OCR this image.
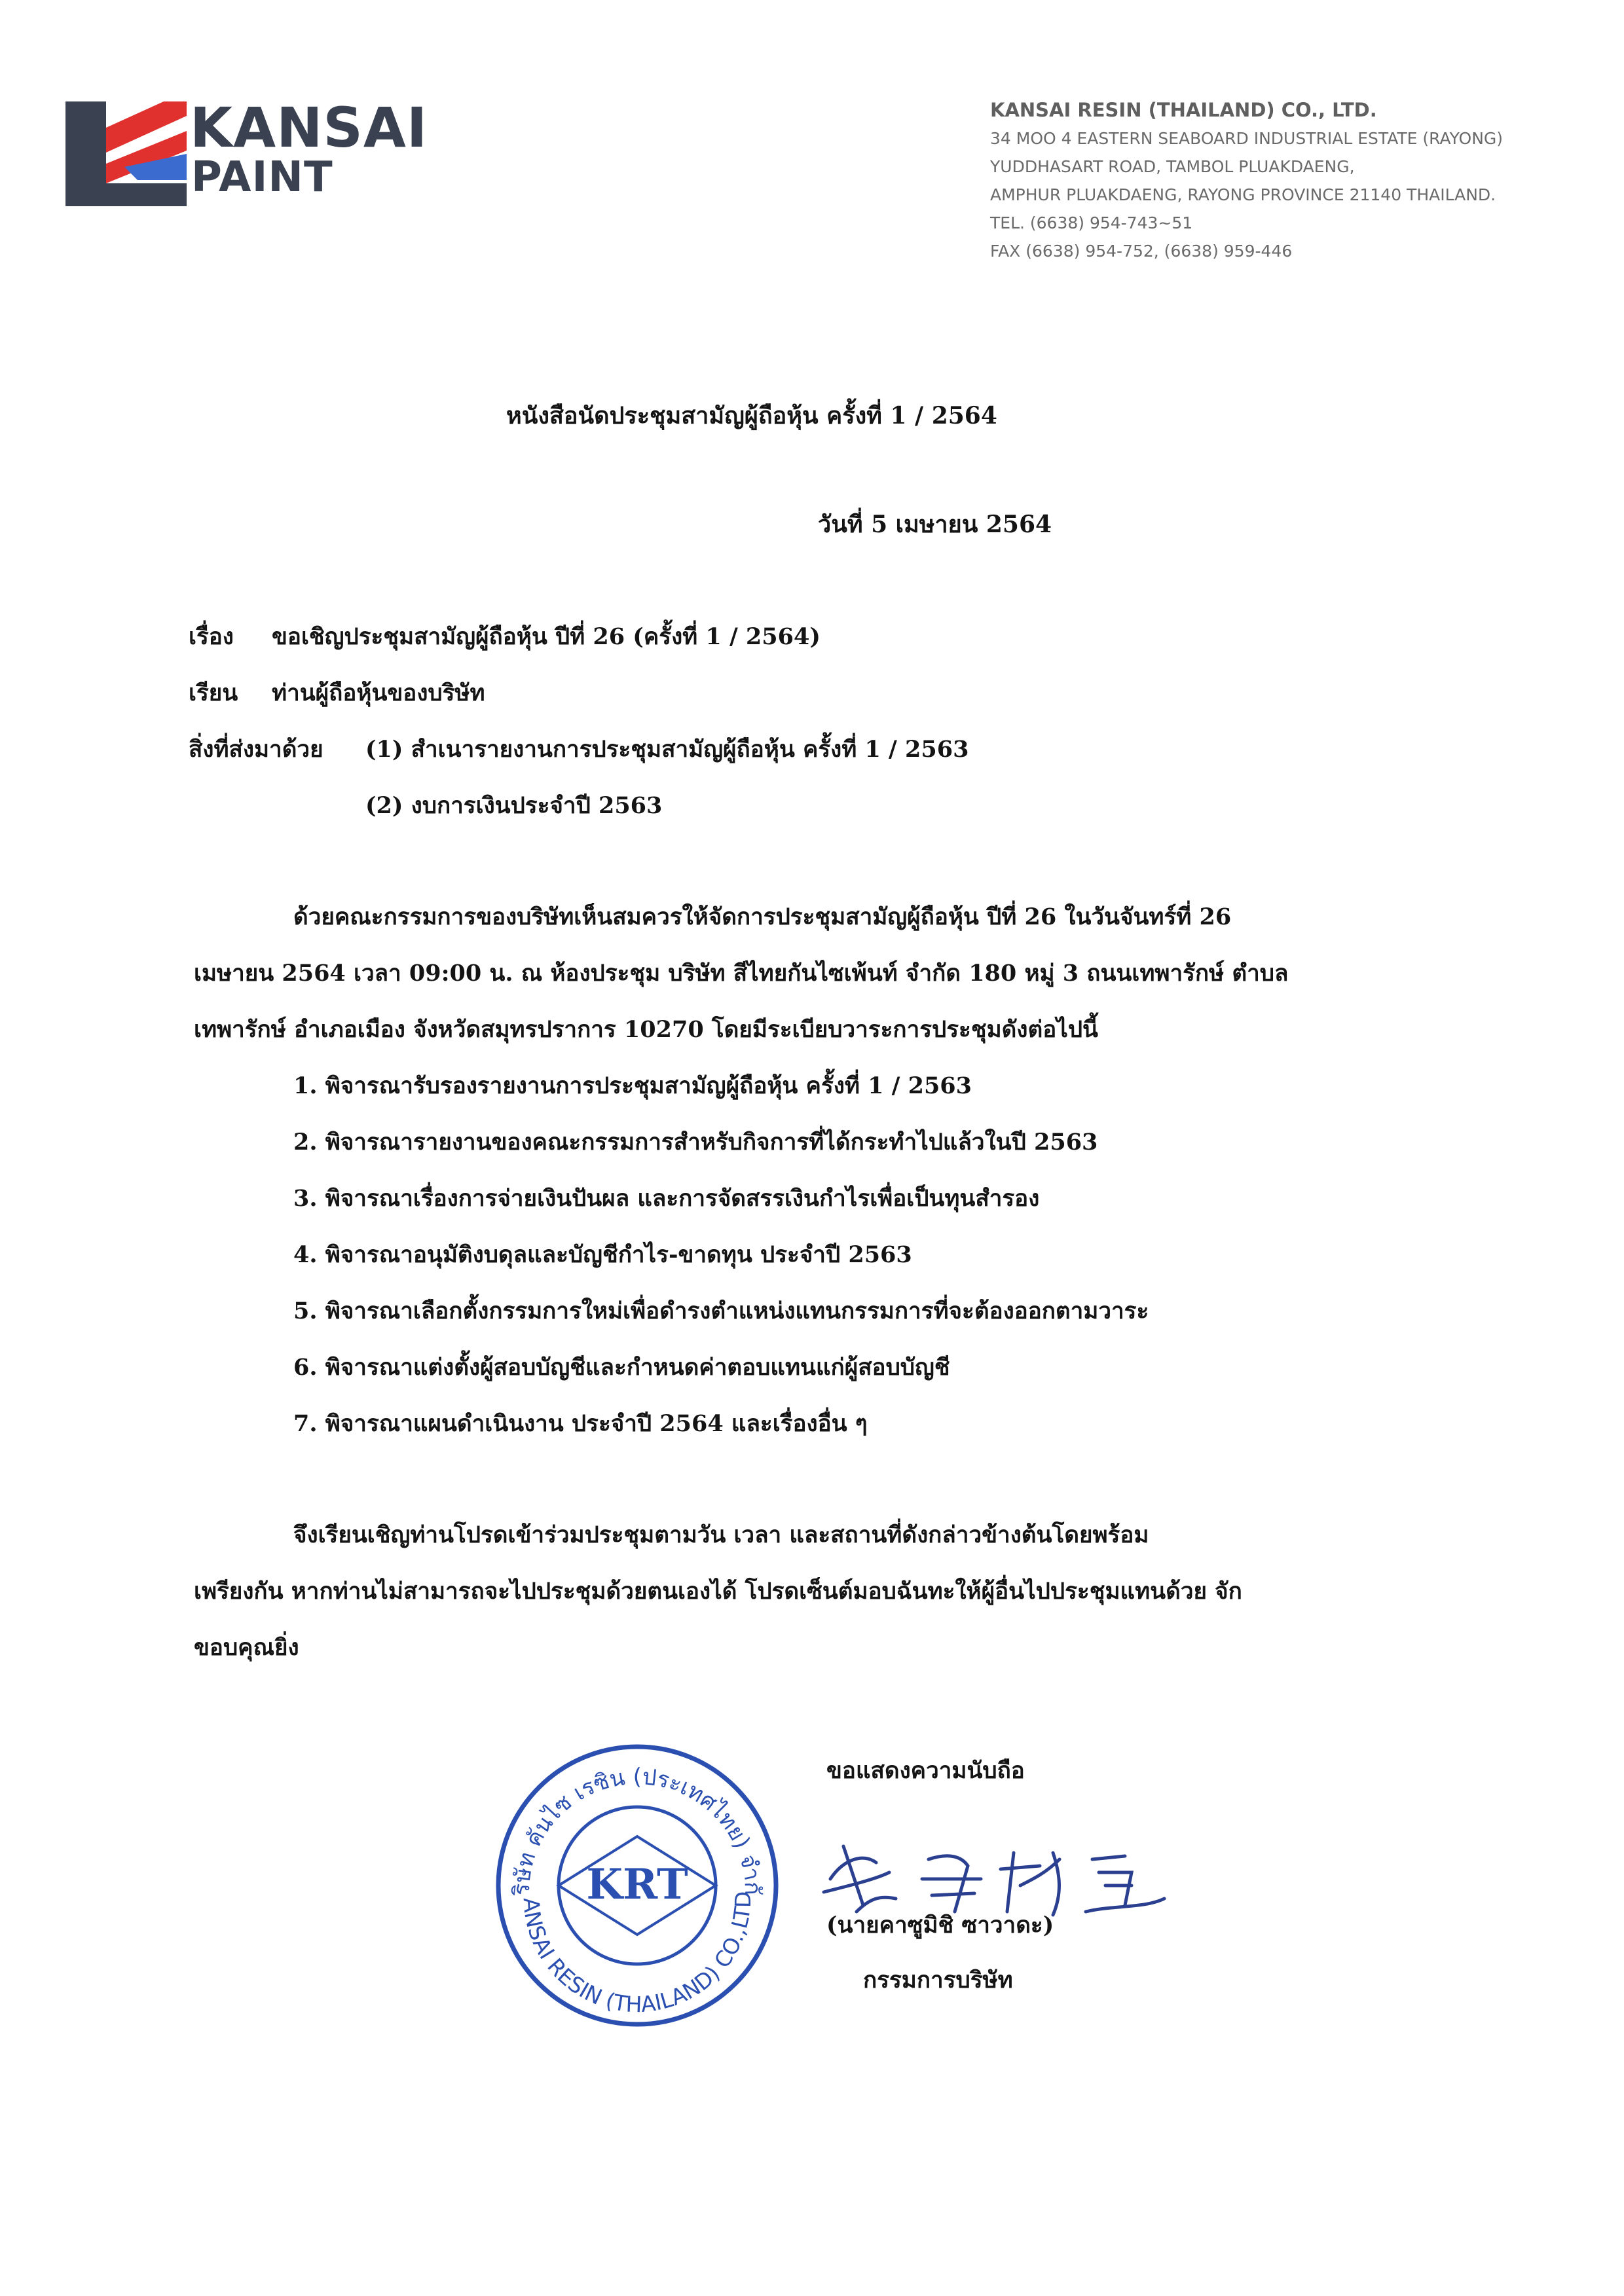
KANSAI
PAINT
KANSAI RESIN (THAILAND) CO., LTD.
34 MOO 4 EASTERN SEABOARD INDUSTRIAL ESTATE (RAYONG)
YUDDHASART ROAD, TAMBOL PLUAKDAENG,
AMPHUR PLUAKDAENG, RAYONG PROVINCE 21140 THAILAND.
TEL. (6638) 954-743~51
FAX (6638) 954-752, (6638) 959-446
หนังสือนัดประชุมสามัญผู้ถือหุ้น ครั้งที่ 1 / 2564
วันที่ 5 เมษายน 2564
เรื่อง ขอเชิญประชุมสามัญผู้ถือหุ้น ปีที่ 26 (ครั้งที่ 1 / 2564)
เรียน ท่านผู้ถือหุ้นของบริษัท
สิ่งที่ส่งมาด้วย (1) สำเนารายงานการประชุมสามัญผู้ถือหุ้น ครั้งที่ 1 / 2563
(2) งบการเงินประจำปี 2563
ด้วยคณะกรรมการของบริษัทเห็นสมควรให้จัดการประชุมสามัญผู้ถือหุ้น ปีที่ 26 ในวันจันทร์ที่ 26
เมษายน 2564 เวลา 09:00 น. ณ ห้องประชุม บริษัท สีไทยกันไซเพ้นท์ จำกัด 180 หมู่ 3 ถนนเทพารักษ์ ตำบล
เทพารักษ์ อำเภอเมือง จังหวัดสมุทรปราการ 10270 โดยมีระเบียบวาระการประชุมดังต่อไปนี้
1. พิจารณารับรองรายงานการประชุมสามัญผู้ถือหุ้น ครั้งที่ 1 / 2563
2. พิจารณารายงานของคณะกรรมการสำหรับกิจการที่ได้กระทำไปแล้วในปี 2563
3. พิจารณาเรื่องการจ่ายเงินปันผล และการจัดสรรเงินกำไรเพื่อเป็นทุนสำรอง
4. พิจารณาอนุมัติงบดุลและบัญชีกำไร-ขาดทุน ประจำปี 2563
5. พิจารณาเลือกตั้งกรรมการใหม่เพื่อดำรงตำแหน่งแทนกรรมการที่จะต้องออกตามวาระ
6. พิจารณาแต่งตั้งผู้สอบบัญชีและกำหนดค่าตอบแทนแก่ผู้สอบบัญชี
7. พิจารณาแผนดำเนินงาน ประจำปี 2564 และเรื่องอื่น ๆ
จึงเรียนเชิญท่านโปรดเข้าร่วมประชุมตามวัน เวลา และสถานที่ดังกล่าวข้างต้นโดยพร้อม
เพรียงกัน หากท่านไม่สามารถจะไปประชุมด้วยตนเองได้ โปรดเซ็นต์มอบฉันทะให้ผู้อื่นไปประชุมแทนด้วย จัก
ขอบคุณยิ่ง
ขอแสดงความนับถือ
ริษัท คันไซ เรซิน (ประเทศไทย) จำกั
ANSAI RESIN (THAILAND) CO.,LTD
KRT
(นายคาซูมิชิ ซาวาดะ)
กรรมการบริษัท
